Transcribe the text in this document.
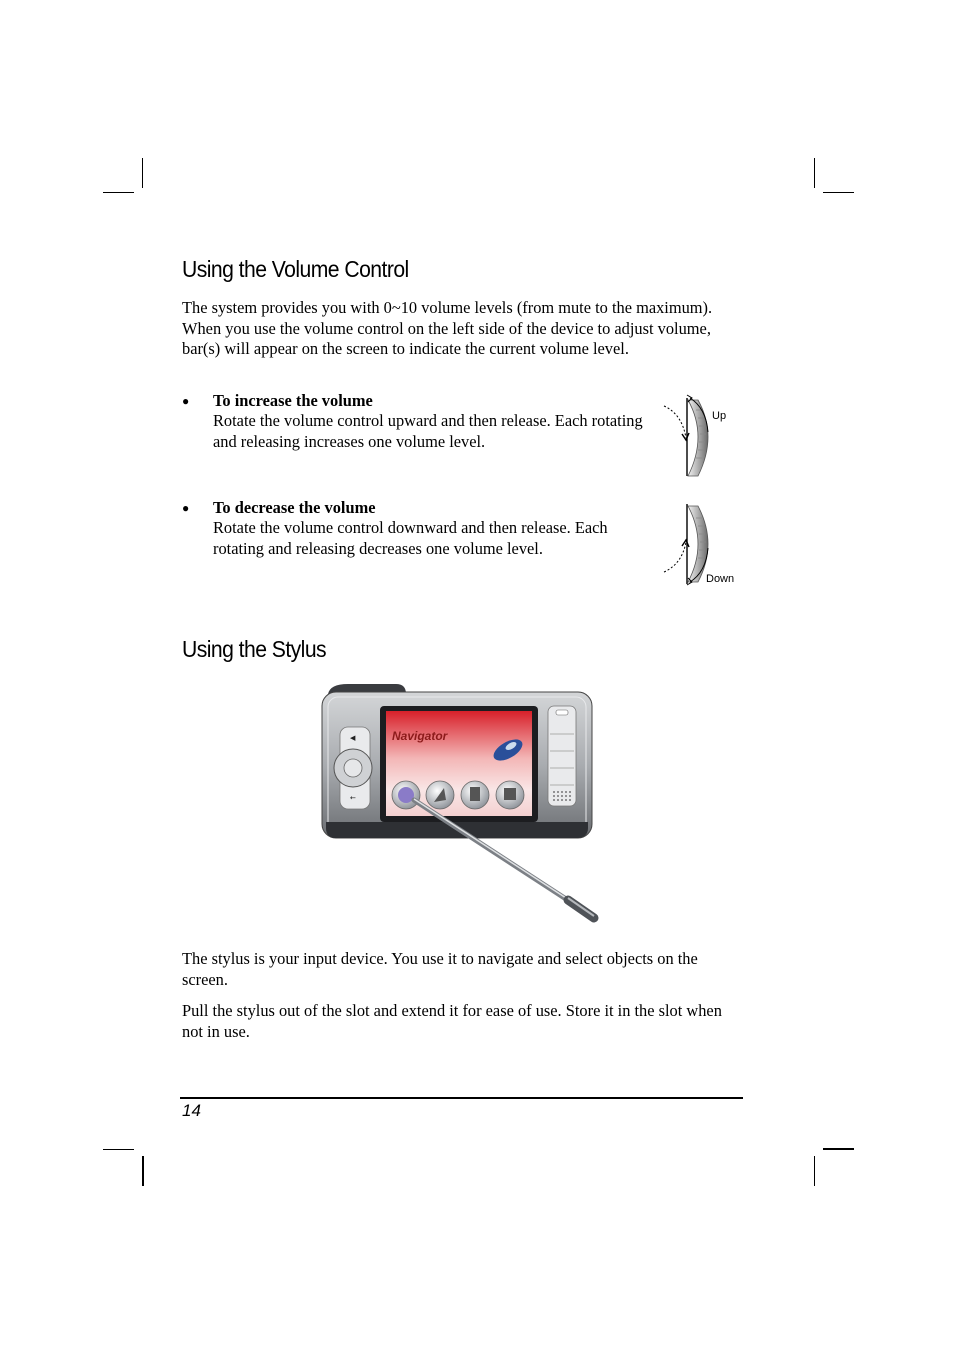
Using the Volume Control

The system provides you with 0~10 volume levels (from mute to the maximum). When you use the volume control on the left side of the device to adjust volume, bar(s) will appear on the screen to indicate the current volume level.

● To increase the volume
Rotate the volume control upward and then release. Each rotating and releasing increases one volume level.
Up
● To decrease the volume
Rotate the volume control downward and then release. Each rotating and releasing decreases one volume level.
Down
Using the Stylus
Navigator
◀
←

The stylus is your input device. You use it to navigate and select objects on the screen.

Pull the stylus out of the slot and extend it for ease of use. Store it in the slot when not in use.

14
